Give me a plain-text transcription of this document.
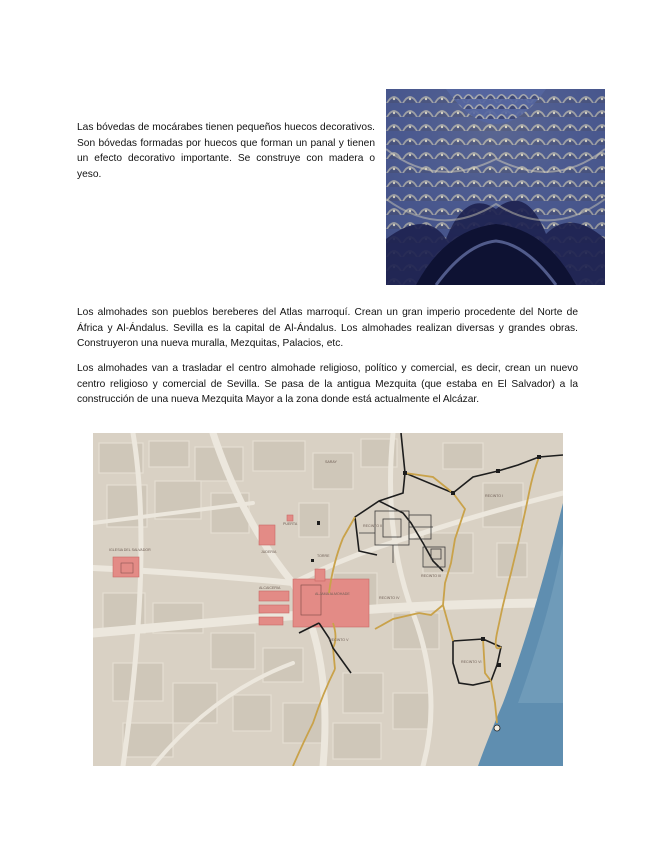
Las bóvedas de mocárabes tienen pequeños huecos decorativos. Son bóvedas formadas por huecos que forman un panal y tienen un efecto decorativo importante. Se construye con madera o yeso.

Los almohades son pueblos bereberes del Atlas marroquí. Crean un gran imperio procedente del Norte de África y Al-Ándalus. Sevilla es la capital de Al-Ándalus. Los almohades realizan diversas y grandes obras. Construyeron una nueva muralla, Mezquitas, Palacios, etc.

Los almohades van a trasladar el centro almohade religioso, político y comercial, es decir, crean un nuevo centro religioso y comercial de Sevilla. Se pasa de la antigua Mezquita (que estaba en El Salvador) a la construcción de una nueva Mezquita Mayor a la zona donde está actualmente el Alcázar.

RECINTO I
RECINTO II
RECINTO III
RECINTO IV
RECINTO V
RECINTO VI
SARAY
IGLESIA DEL SALVADOR
ALJAMA ALMOHADE
ALCAICERIA
PUERTA
JUDERIA
TORRE
